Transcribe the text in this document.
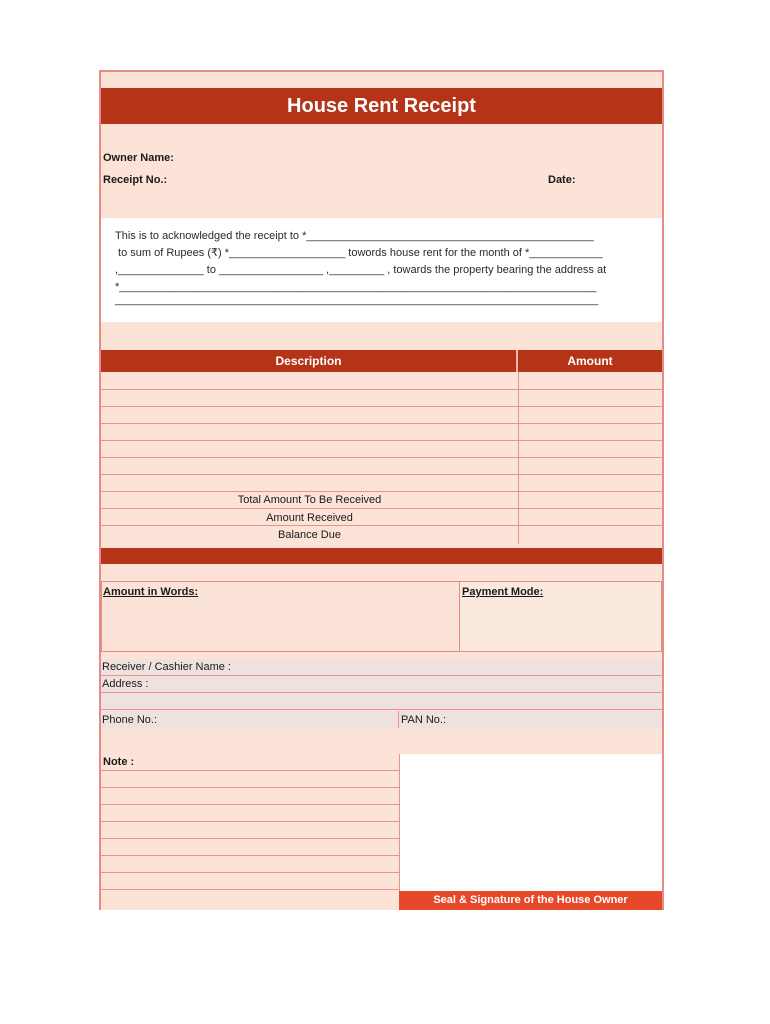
House Rent Receipt
Owner Name:
Receipt No.:	Date:
This is to acknowledged the receipt to *_______________________________________________
to sum of Rupees (₹) *___________________ towords house rent for the month of *____________
,______________ to _________________ ,_________ , towards the property bearing the address at
*______________________________________________________________________________
_______________________________________________________________________________
Description	Amount
Total Amount To Be Received
Amount Received
Balance Due
Amount in Words:	Payment Mode:
Receiver / Cashier Name :
Address :
Phone No.:	PAN No.:
Note :
Seal & Signature of the House Owner
